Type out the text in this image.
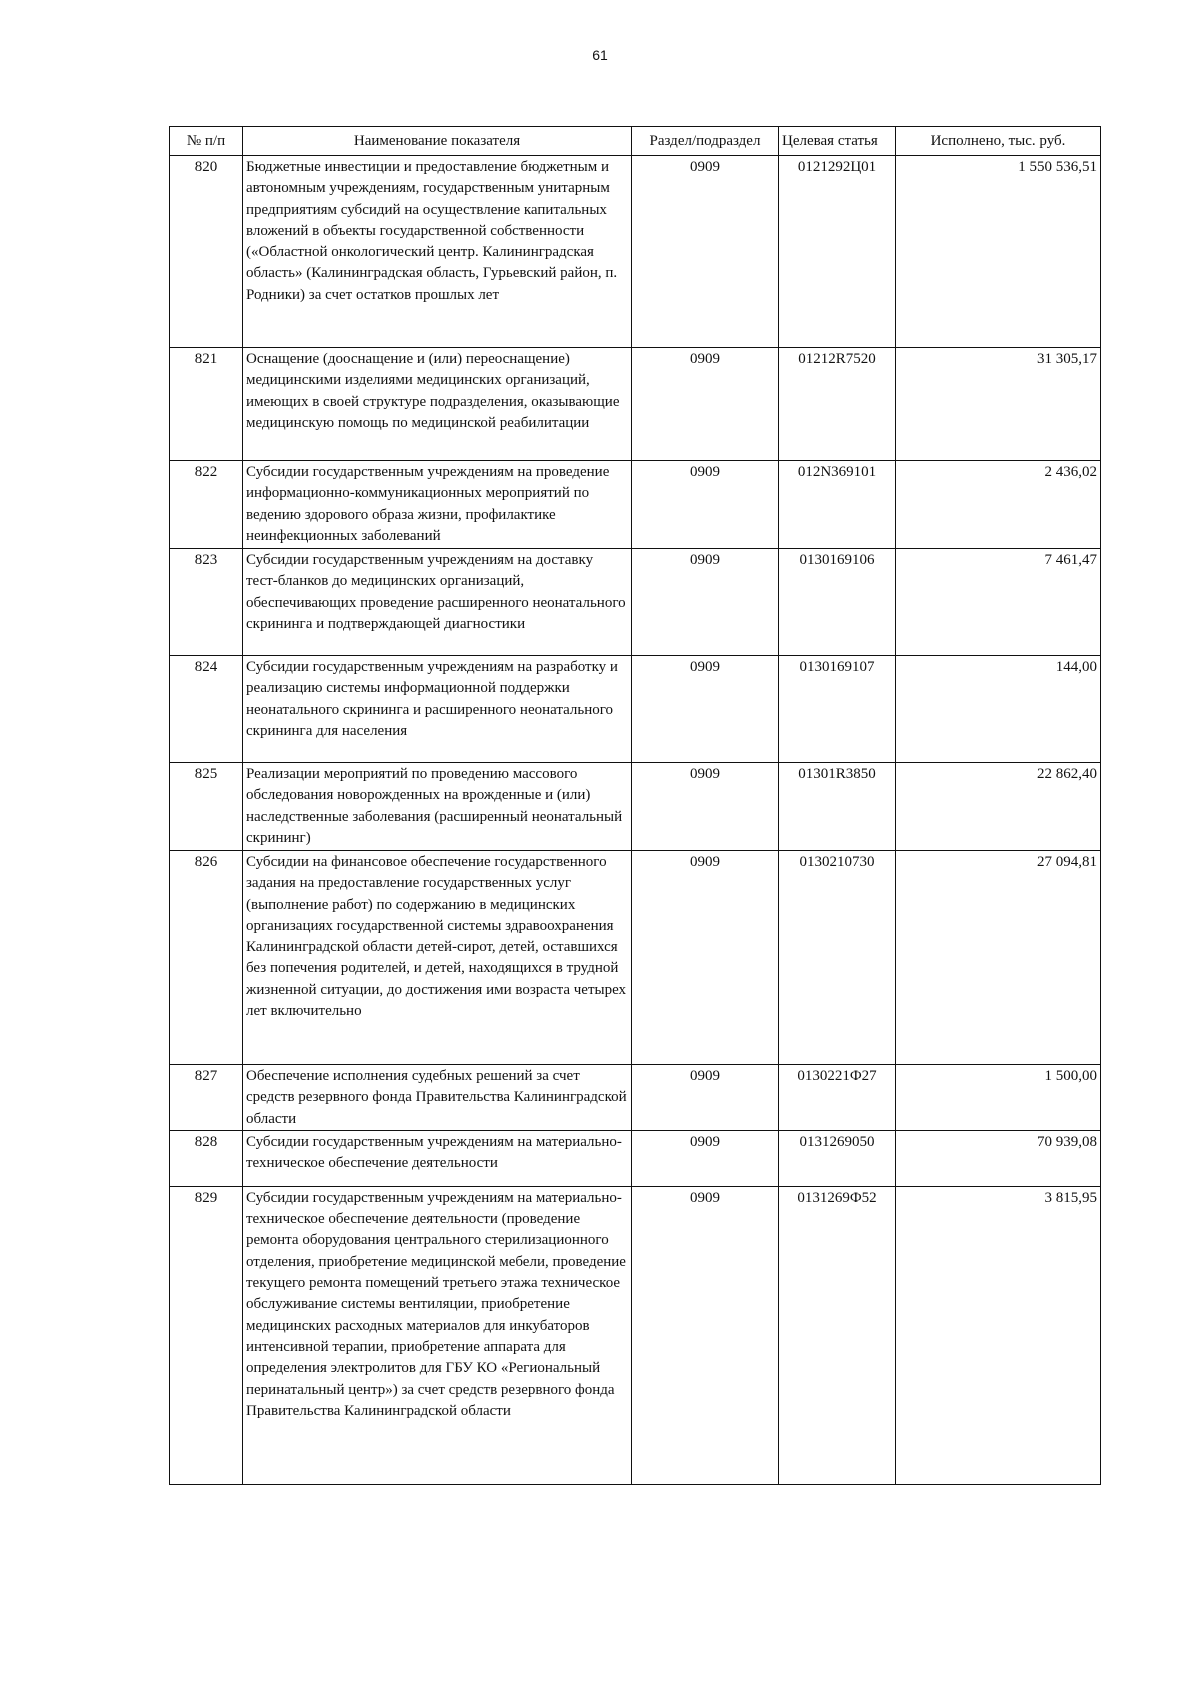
61
№ п/п	Наименование показателя	Раздел/подраздел	Целевая статья	Исполнено, тыс. руб.
820	Бюджетные инвестиции и предоставление бюджетным и автономным учреждениям, государственным унитарным предприятиям субсидий на осуществление капитальных вложений в объекты государственной собственности («Областной онкологический центр. Калининградская область» (Калининградская область, Гурьевский район, п. Родники) за счет остатков прошлых лет	0909	0121292Ц01	1 550 536,51
821	Оснащение (дооснащение и (или) переоснащение) медицинскими изделиями медицинских организаций, имеющих в своей структуре подразделения, оказывающие медицинскую помощь по медицинской реабилитации	0909	01212R7520	31 305,17
822	Субсидии государственным учреждениям на проведение информационно-коммуникационных мероприятий по ведению здорового образа жизни, профилактике неинфекционных заболеваний	0909	012N369101	2 436,02
823	Субсидии государственным учреждениям на доставку тест-бланков до медицинских организаций, обеспечивающих проведение расширенного неонатального скрининга и подтверждающей диагностики	0909	0130169106	7 461,47
824	Субсидии государственным учреждениям на разработку и реализацию системы информационной поддержки неонатального скрининга и расширенного неонатального скрининга для населения	0909	0130169107	144,00
825	Реализации мероприятий по проведению массового обследования новорожденных на врожденные и (или) наследственные заболевания (расширенный неонатальный скрининг)	0909	01301R3850	22 862,40
826	Субсидии на финансовое обеспечение государственного задания на предоставление государственных услуг (выполнение работ) по содержанию в медицинских организациях государственной системы здравоохранения Калининградской области детей-сирот, детей, оставшихся без попечения родителей, и детей, находящихся в трудной жизненной ситуации, до достижения ими возраста четырех лет включительно	0909	0130210730	27 094,81
827	Обеспечение исполнения судебных решений за счет средств резервного фонда Правительства Калининградской области	0909	0130221Ф27	1 500,00
828	Субсидии государственным учреждениям на материально-техническое обеспечение деятельности	0909	0131269050	70 939,08
829	Субсидии государственным учреждениям на материально-техническое обеспечение деятельности (проведение ремонта оборудования центрального стерилизационного отделения, приобретение медицинской мебели, проведение текущего ремонта помещений третьего этажа техническое обслуживание системы вентиляции, приобретение медицинских расходных материалов для инкубаторов интенсивной терапии, приобретение аппарата для определения электролитов для ГБУ КО «Региональный перинатальный центр») за счет средств резервного фонда Правительства Калининградской области	0909	0131269Ф52	3 815,95
